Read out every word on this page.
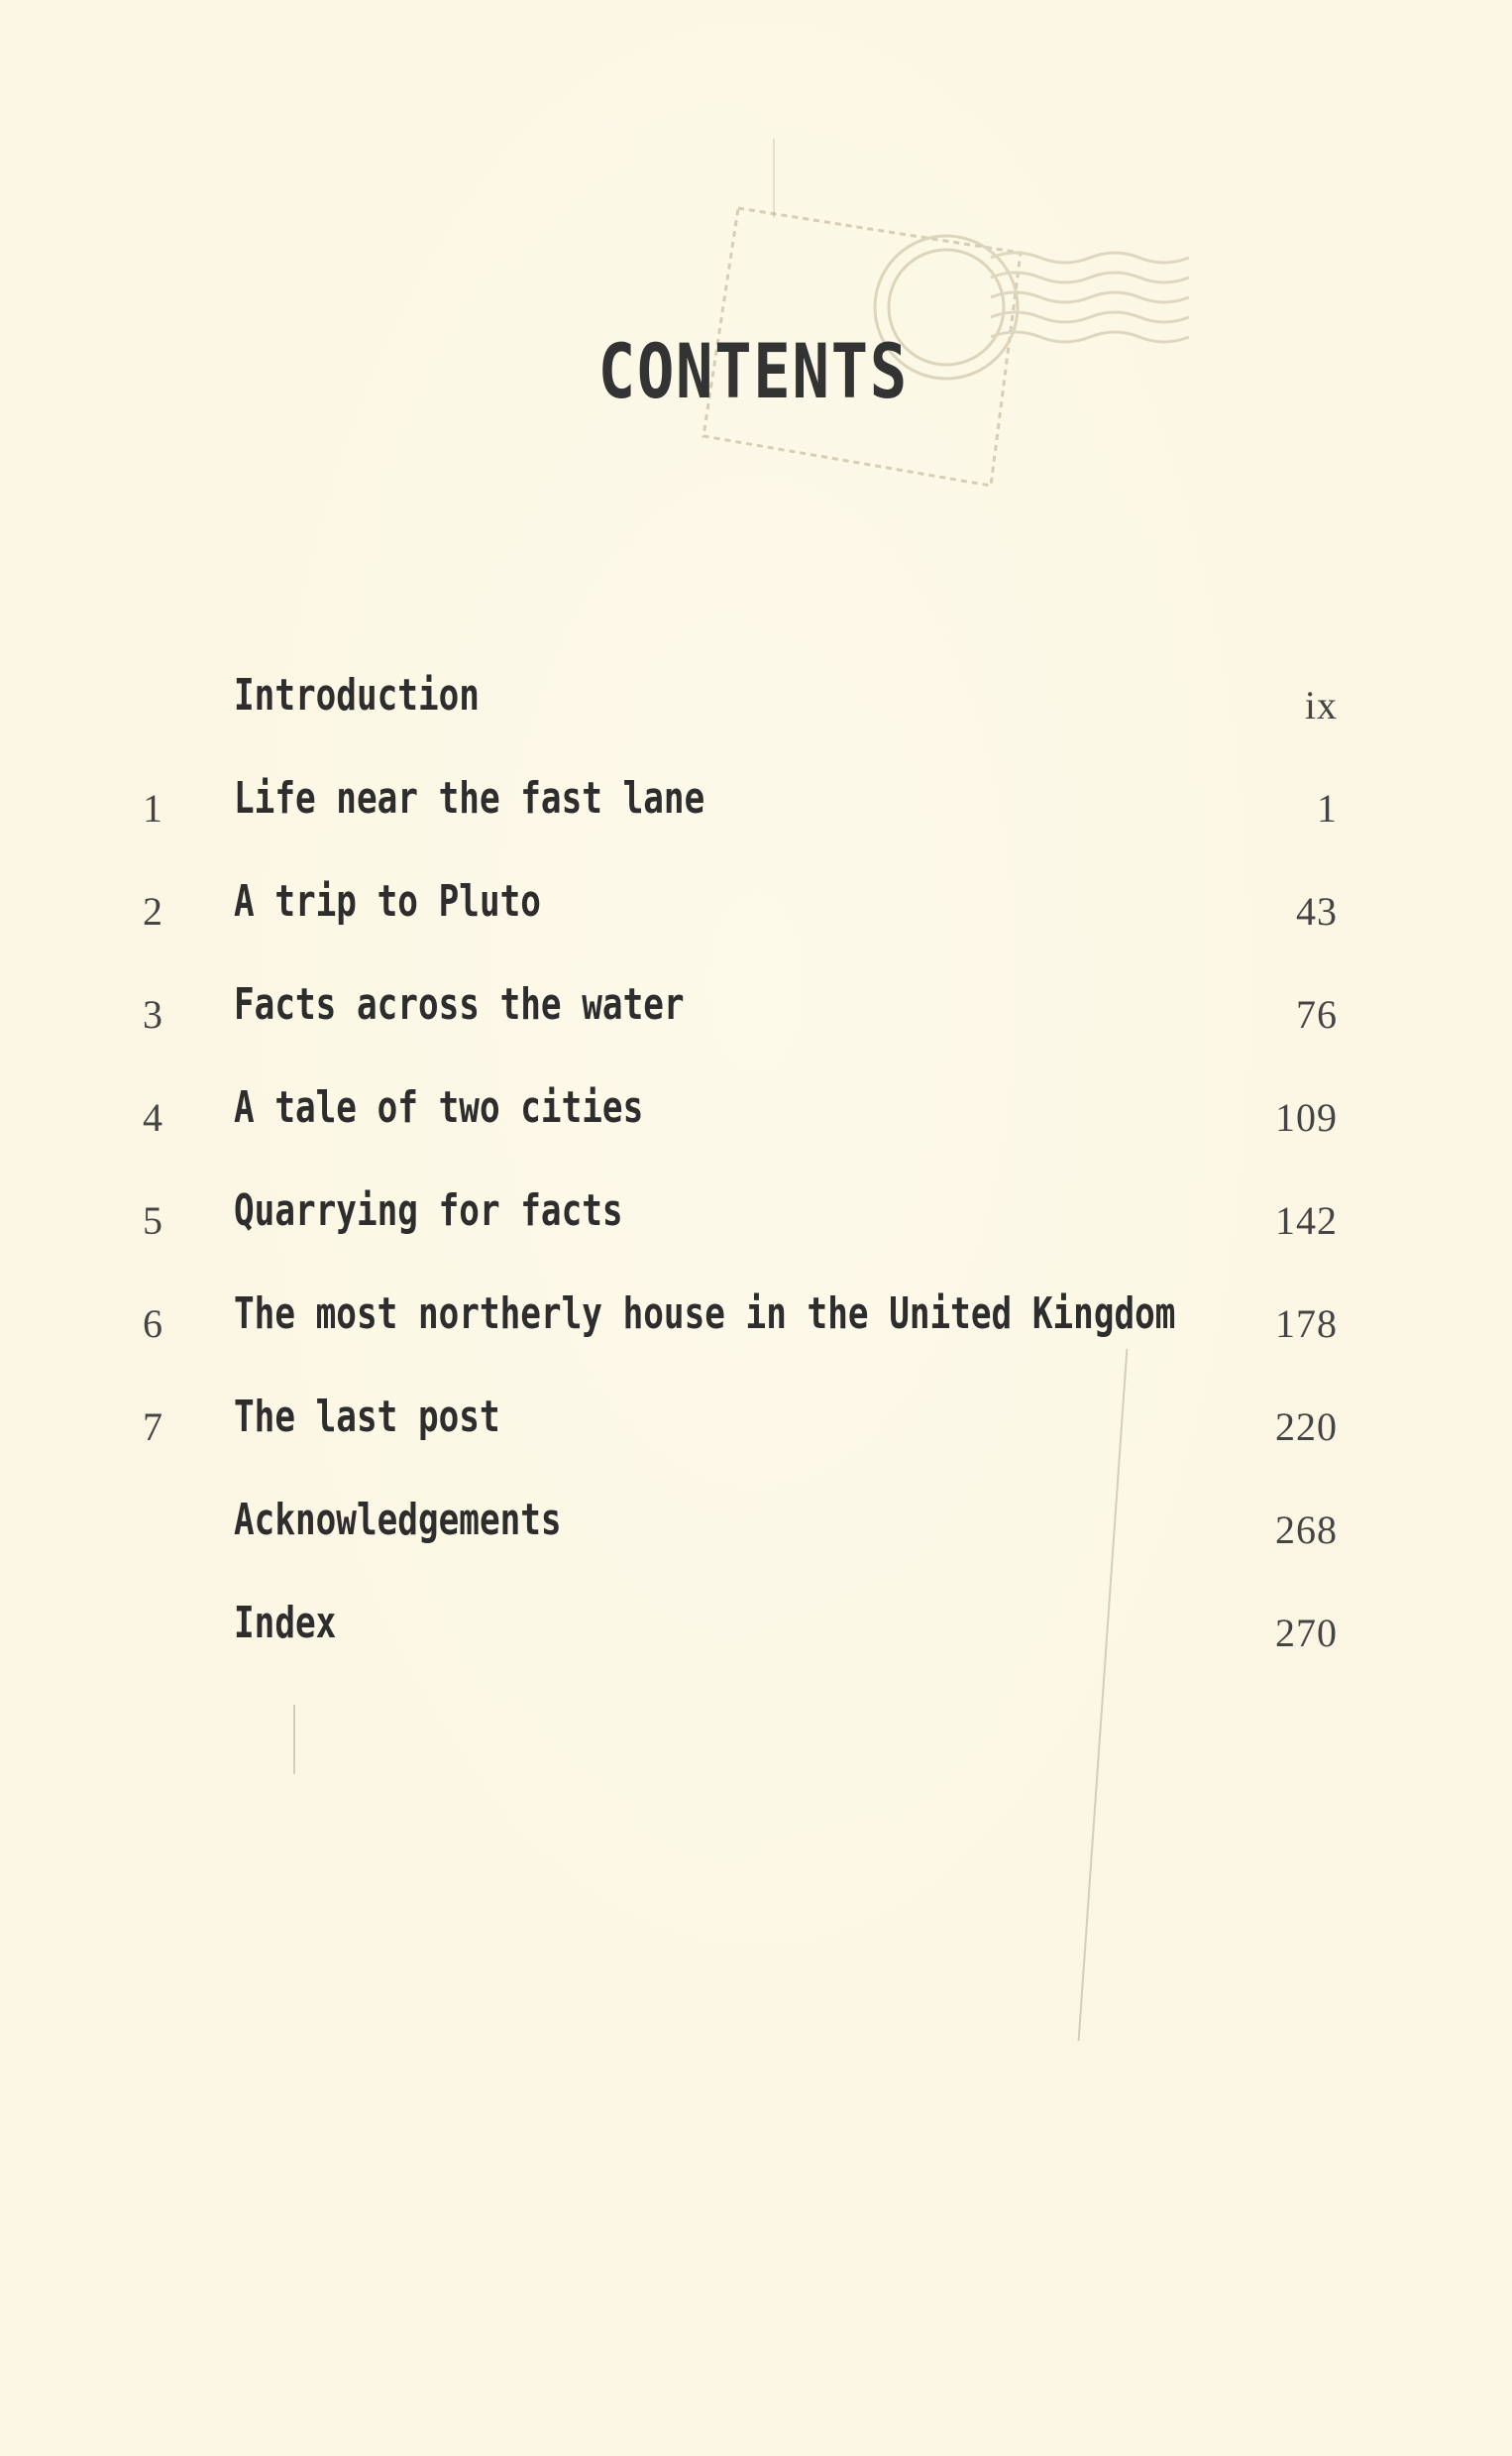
CONTENTS
Introduction	ix
1 Life near the fast lane	1
2 A trip to Pluto	43
3 Facts across the water	76
4 A tale of two cities	109
5 Quarrying for facts	142
6 The most northerly house in the United Kingdom	178
7 The last post	220
Acknowledgements	268
Index	270
